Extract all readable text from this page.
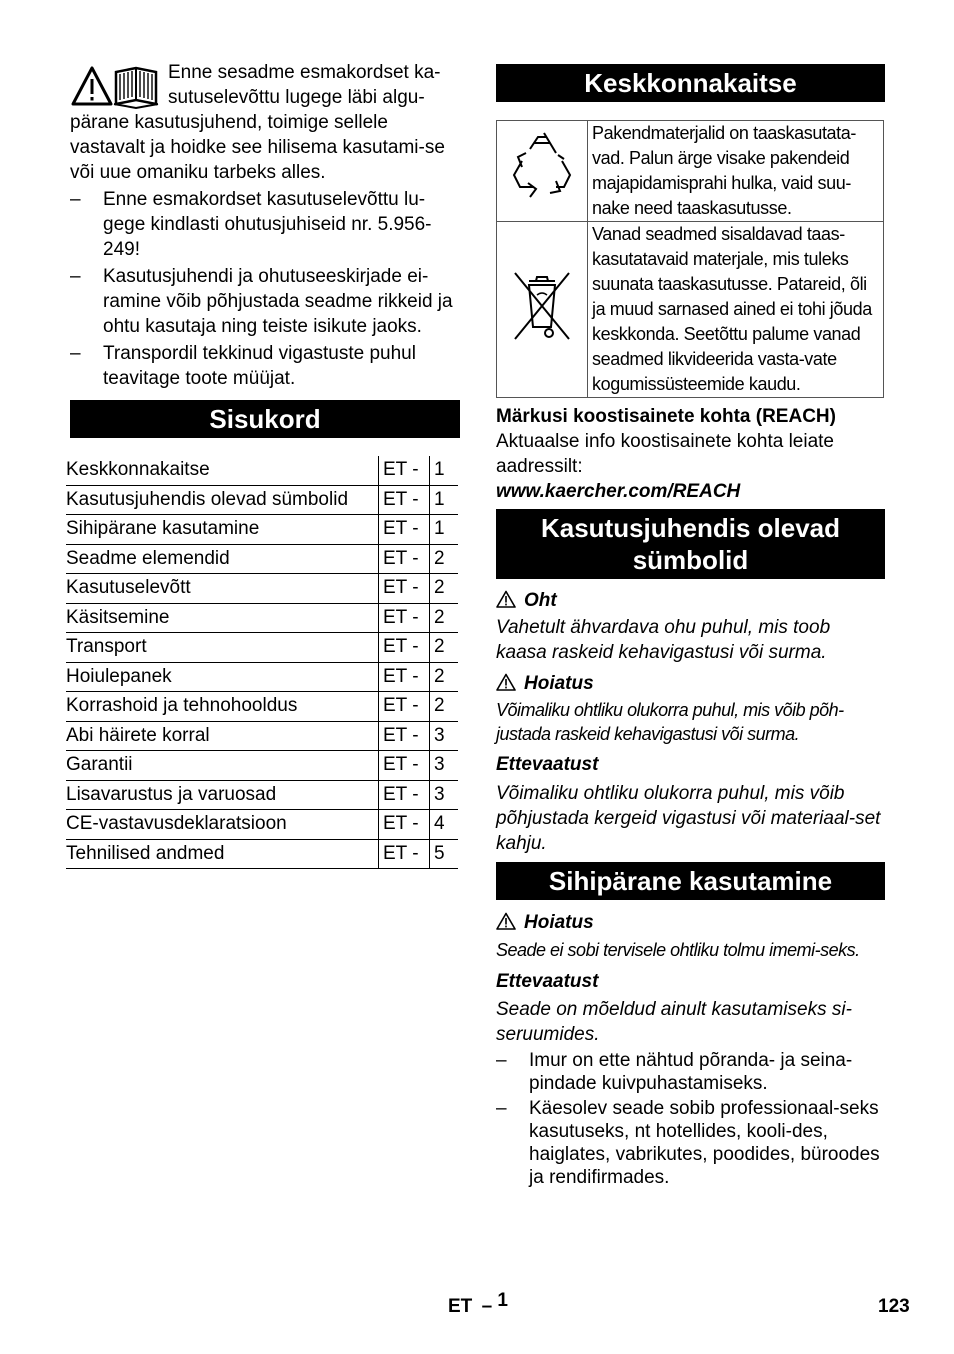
Enne sesadme esmakordset ka-sutuselevõttu lugege läbi algu-pärane kasutusjuhend, toimige sellele vastavalt ja hoidke see hilisema kasutami-se või uue omaniku tarbeks alles.

– Enne esmakordset kasutuselevõttu lu-gege kindlasti ohutusjuhiseid nr. 5.956-249!
– Kasutusjuhendi ja ohutuseeskirjade ei-ramine võib põhjustada seadme rikkeid ja ohtu kasutaja ning teiste isikute jaoks.
– Transpordil tekkinud vigastuste puhul teavitage toote müüjat.
Sisukord
Keskkonnakaitse	ET -	1
Kasutusjuhendis olevad sümbolid	ET -	1
Sihipärane kasutamine	ET -	1
Seadme elemendid	ET -	2
Kasutuselevõtt	ET -	2
Käsitsemine	ET -	2
Transport	ET -	2
Hoiulepanek	ET -	2
Korrashoid ja tehnohooldus	ET -	2
Abi häirete korral	ET -	3
Garantii	ET -	3
Lisavarustus ja varuosad	ET -	3
CE-vastavusdeklaratsioon	ET -	4
Tehnilised andmed	ET -	5
Keskkonnakaitse
	Pakendmaterjalid on taaskasutata-vad. Palun ärge visake pakendeid majapidamisprahi hulka, vaid suu-nake need taaskasutusse.
	Vanad seadmed sisaldavad taas-kasutatavaid materjale, mis tuleks suunata taaskasutusse. Patareid, õli ja muud sarnased ained ei tohi jõuda keskkonda. Seetõttu palume vanad seadmed likvideerida vasta-vate kogumissüsteemide kaudu.

Märkusi koostisainete kohta (REACH)

Aktuaalse info koostisainete kohta leiate aadressilt:

www.kaercher.com/REACH

Kasutusjuhendis olevad sümbolid

Oht

Vahetult ähvardava ohu puhul, mis toob kaasa raskeid kehavigastusi või surma.

Hoiatus

Võimaliku ohtliku olukorra puhul, mis võib põh-justada raskeid kehavigastusi või surma.

Ettevaatust

Võimaliku ohtliku olukorra puhul, mis võib põhjustada kergeid vigastusi või materiaal-set kahju.

Sihipärane kasutamine

Hoiatus

Seade ei sobi tervisele ohtliku tolmu imemi-seks.

Ettevaatust

Seade on mõeldud ainult kasutamiseks si-seruumides.

– Imur on ette nähtud põranda- ja seina-pindade kuivpuhastamiseks.
– Käesolev seade sobib professionaal-seks kasutuseks, nt hotellides, kooli-des, haiglates, vabrikutes, poodides, büroodes ja rendifirmades.
ET – 1	123
